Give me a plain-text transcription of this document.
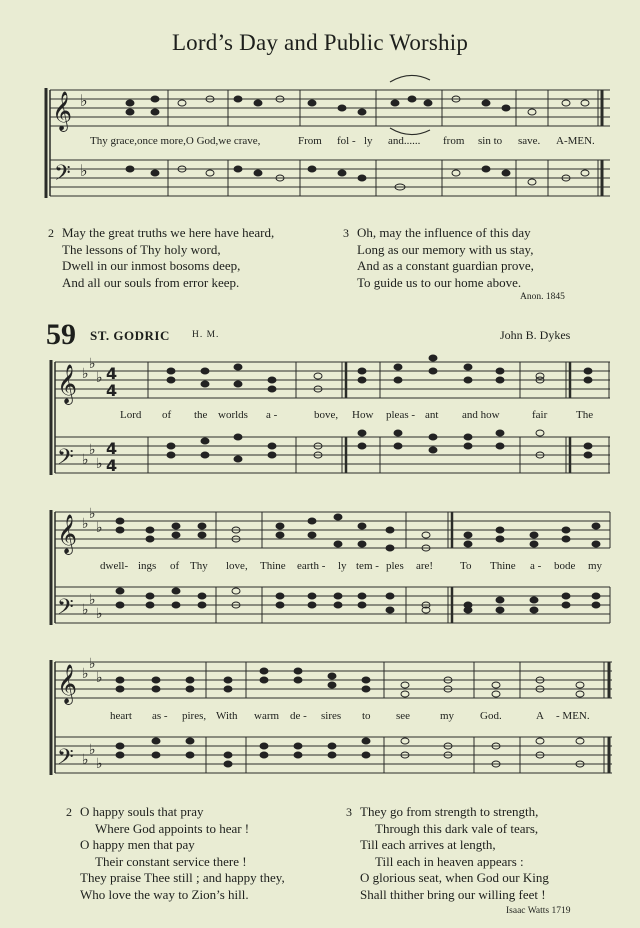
Lord’s Day and Public Worship
𝄞 ♭
𝄢 ♭
Thy grace,once more,O God,we crave,	From fol - ly and...... from sin to save. A-MEN.
2 May the great truths we here have heard,
The lessons of Thy holy word,
Dwell in our inmost bosoms deep,
And all our souls from error keep.
3 Oh, may the influence of this day
Long as our memory with us stay,
And as a constant guardian prove,
To guide us to our home above.
Anon. 1845
59 ST. GODRIC H. M.	John B. Dykes
𝄞
𝄢
𝄞
𝄢
𝄞
𝄢
♭
♭
♭
♭
♭
♭
♭
♭
♭
♭
♭
♭
♭
♭
♭
♭
♭
♭
4
4
4
4
Lord of the worlds a -	bove, How pleas - ant and how	fair	The
dwell- ings of Thy love, Thine earth - ly tem - ples are! To Thine a - bode my
heart as - pires, With warm de - sires to see	my God.	A - MEN.
2 O happy souls that pray
Where God appoints to hear !
O happy men that pay
Their constant service there !
They praise Thee still ; and happy they,
Who love the way to Zion’s hill.
3 They go from strength to strength,
Through this dark vale of tears,
Till each arrives at length,
Till each in heaven appears :
O glorious seat, when God our King
Shall thither bring our willing feet !
Isaac Watts 1719
